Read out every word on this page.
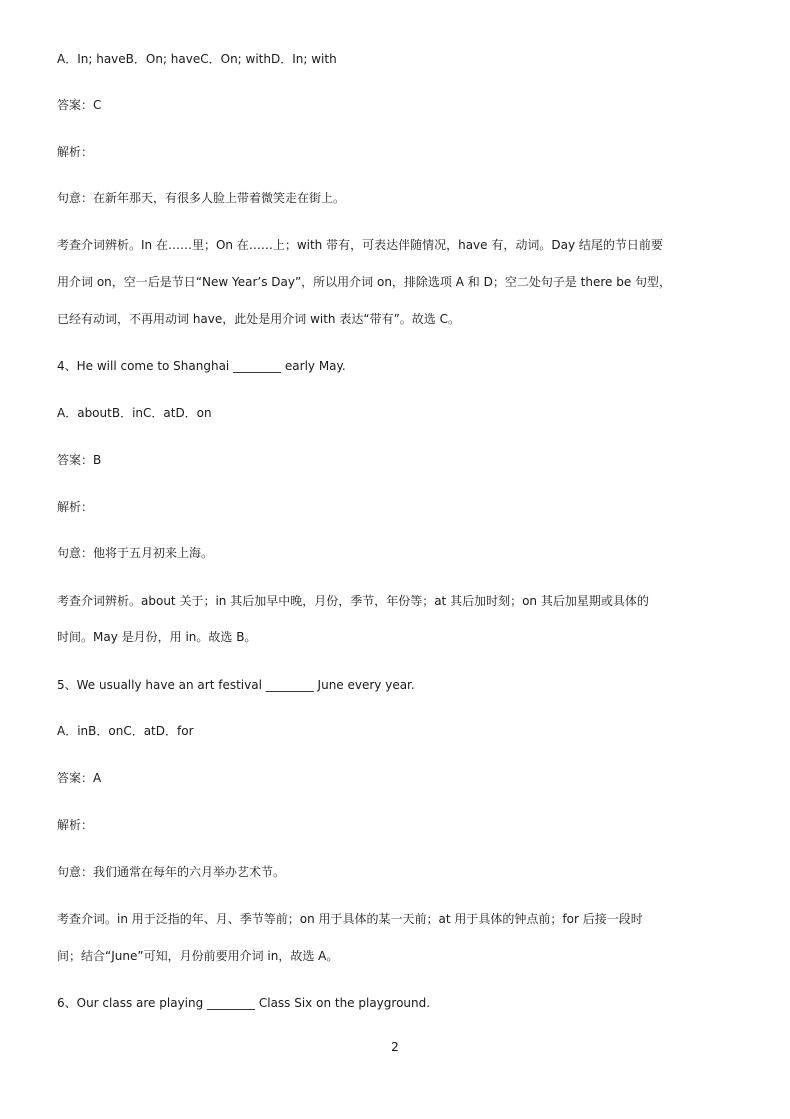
A．In; haveB．On; haveC．On; withD．In; with
答案：C
解析：
句意：在新年那天，有很多人脸上带着微笑走在街上。
考查介词辨析。In 在……里；On 在……上；with 带有，可表达伴随情况，have 有，动词。Day 结尾的节日前要
用介词 on，空一后是节日“New Year’s Day”，所以用介词 on，排除选项 A 和 D；空二处句子是 there be 句型，
已经有动词，不再用动词 have，此处是用介词 with 表达“带有”。故选 C。
4、He will come to Shanghai ________ early May.
A．aboutB．inC．atD．on
答案：B
解析：
句意：他将于五月初来上海。
考查介词辨析。about 关于；in 其后加早中晚，月份，季节，年份等；at 其后加时刻；on 其后加星期或具体的
时间。May 是月份，用 in。故选 B。
5、We usually have an art festival ________ June every year.
A．inB．onC．atD．for
答案：A
解析：
句意：我们通常在每年的六月举办艺术节。
考查介词。in 用于泛指的年、月、季节等前；on 用于具体的某一天前；at 用于具体的钟点前；for 后接一段时
间；结合“June”可知，月份前要用介词 in，故选 A。
6、Our class are playing ________ Class Six on the playground.
2
